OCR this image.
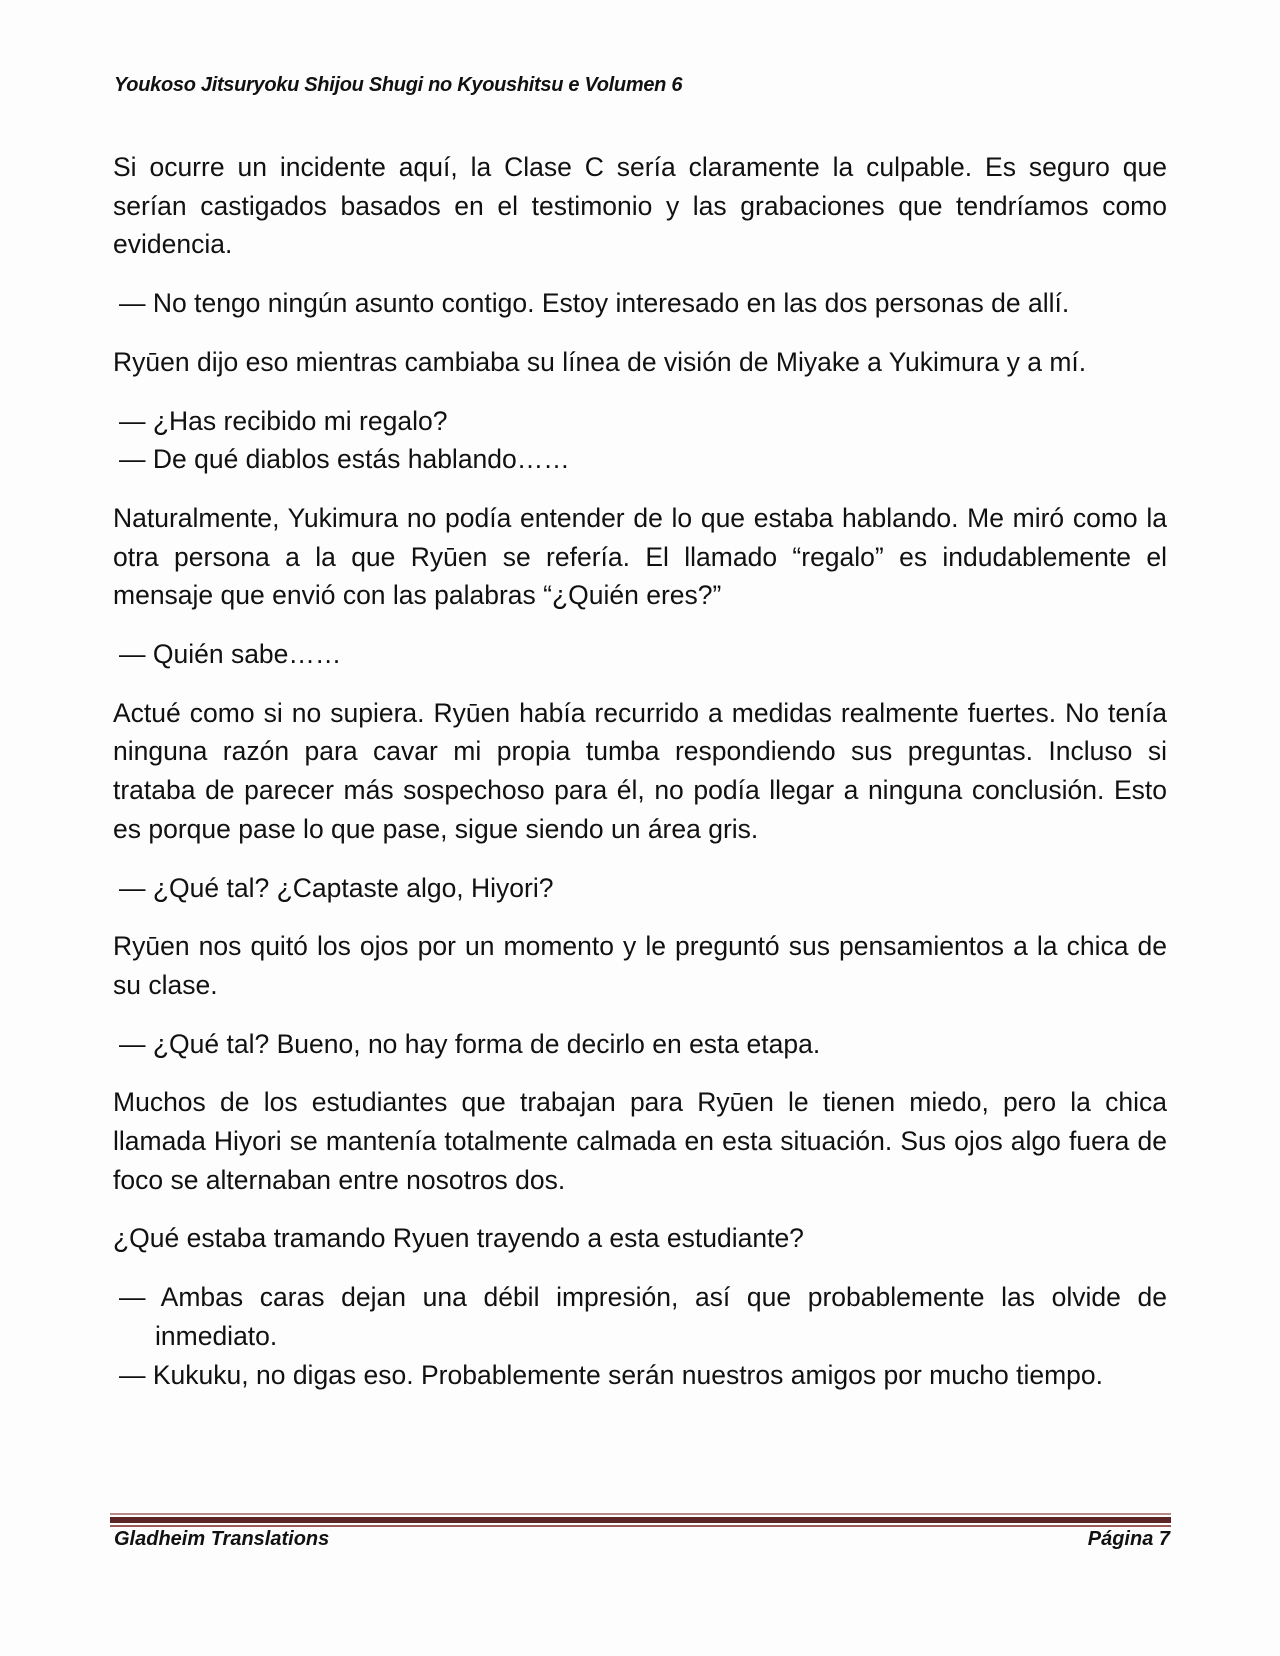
Youkoso Jitsuryoku Shijou Shugi no Kyoushitsu e Volumen 6

Si ocurre un incidente aquí, la Clase C sería claramente la culpable. Es seguro que serían castigados basados en el testimonio y las grabaciones que tendríamos como evidencia.

— No tengo ningún asunto contigo. Estoy interesado en las dos personas de allí.

Ryūen dijo eso mientras cambiaba su línea de visión de Miyake a Yukimura y a mí.

— ¿Has recibido mi regalo?

— De qué diablos estás hablando……

Naturalmente, Yukimura no podía entender de lo que estaba hablando. Me miró como la otra persona a la que Ryūen se refería. El llamado “regalo” es indudablemente el mensaje que envió con las palabras “¿Quién eres?”

— Quién sabe……

Actué como si no supiera. Ryūen había recurrido a medidas realmente fuertes. No tenía ninguna razón para cavar mi propia tumba respondiendo sus preguntas. Incluso si trataba de parecer más sospechoso para él, no podía llegar a ninguna conclusión. Esto es porque pase lo que pase, sigue siendo un área gris.

— ¿Qué tal? ¿Captaste algo, Hiyori?

Ryūen nos quitó los ojos por un momento y le preguntó sus pensamientos a la chica de su clase.

— ¿Qué tal? Bueno, no hay forma de decirlo en esta etapa.

Muchos de los estudiantes que trabajan para Ryūen le tienen miedo, pero la chica llamada Hiyori se mantenía totalmente calmada en esta situación. Sus ojos algo fuera de foco se alternaban entre nosotros dos.

¿Qué estaba tramando Ryuen trayendo a esta estudiante?

— Ambas caras dejan una débil impresión, así que probablemente las olvide de inmediato.

— Kukuku, no digas eso. Probablemente serán nuestros amigos por mucho tiempo.

Gladheim Translations	Página 7
